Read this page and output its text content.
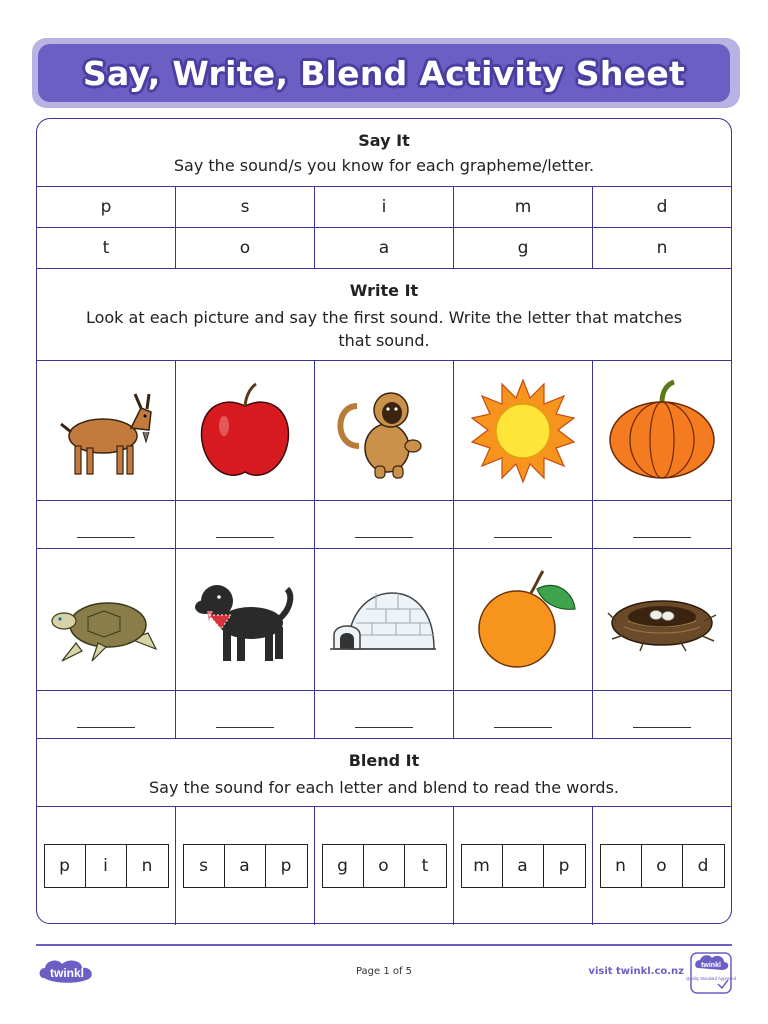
Say, Write, Blend Activity Sheet
Say It
Say the sound/s you know for each grapheme/letter.
p	s	i	m	d
t	o	a	g	n
Write It
Look at each picture and say the first sound. Write the letter that matches that sound.
Blend It
Say the sound for each letter and blend to read the words.
p	i	n	s	a	p	g	o	t	m	a	p	n	o	d
twinkl	Page 1 of 5	visit twinkl.co.nz
twinkl
Quality Standard Approved
